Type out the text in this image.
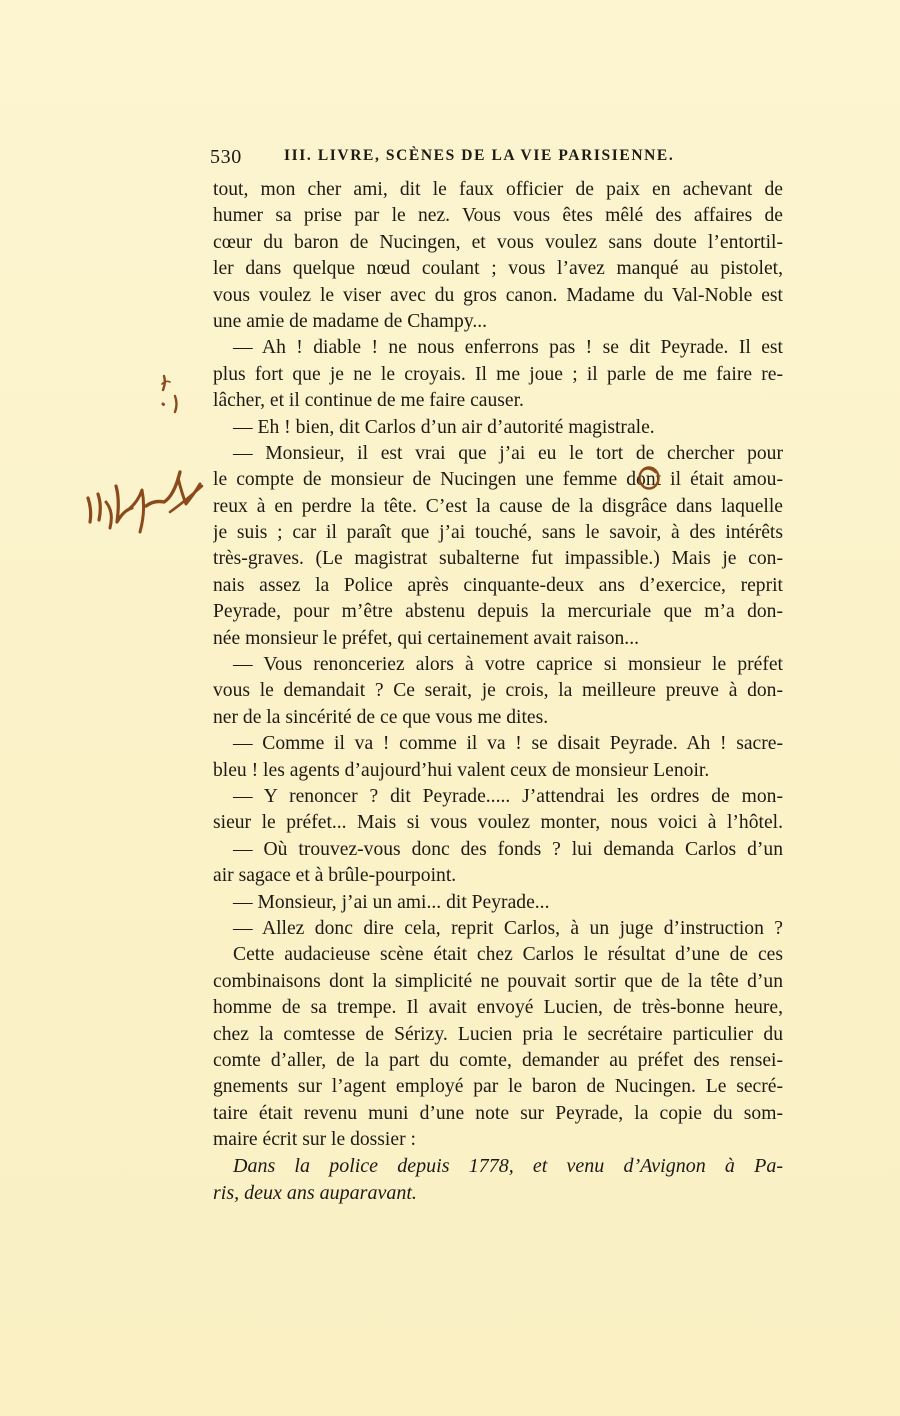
530	III. LIVRE, SCÈNES DE LA VIE PARISIENNE.
tout, mon cher ami, dit le faux officier de paix en achevant de
humer sa prise par le nez. Vous vous êtes mêlé des affaires de
cœur du baron de Nucingen, et vous voulez sans doute l’entortil-
ler dans quelque nœud coulant ; vous l’avez manqué au pistolet,
vous voulez le viser avec du gros canon. Madame du Val-Noble est
une amie de madame de Champy...
— Ah ! diable ! ne nous enferrons pas ! se dit Peyrade. Il est
plus fort que je ne le croyais. Il me joue ; il parle de me faire re-
lâcher, et il continue de me faire causer.
— Eh ! bien, dit Carlos d’un air d’autorité magistrale.
— Monsieur, il est vrai que j’ai eu le tort de chercher pour
le compte de monsieur de Nucingen une femme dont il était amou-
reux à en perdre la tête. C’est la cause de la disgrâce dans laquelle
je suis ; car il paraît que j’ai touché, sans le savoir, à des intérêts
très-graves. (Le magistrat subalterne fut impassible.) Mais je con-
nais assez la Police après cinquante-deux ans d’exercice, reprit
Peyrade, pour m’être abstenu depuis la mercuriale que m’a don-
née monsieur le préfet, qui certainement avait raison...
— Vous renonceriez alors à votre caprice si monsieur le préfet
vous le demandait ? Ce serait, je crois, la meilleure preuve à don-
ner de la sincérité de ce que vous me dites.
— Comme il va ! comme il va ! se disait Peyrade. Ah ! sacre-
bleu ! les agents d’aujourd’hui valent ceux de monsieur Lenoir.
— Y renoncer ? dit Peyrade..... J’attendrai les ordres de mon-
sieur le préfet... Mais si vous voulez monter, nous voici à l’hôtel.
— Où trouvez-vous donc des fonds ? lui demanda Carlos d’un
air sagace et à brûle-pourpoint.
— Monsieur, j’ai un ami... dit Peyrade...
— Allez donc dire cela, reprit Carlos, à un juge d’instruction ?
Cette audacieuse scène était chez Carlos le résultat d’une de ces
combinaisons dont la simplicité ne pouvait sortir que de la tête d’un
homme de sa trempe. Il avait envoyé Lucien, de très-bonne heure,
chez la comtesse de Sérizy. Lucien pria le secrétaire particulier du
comte d’aller, de la part du comte, demander au préfet des rensei-
gnements sur l’agent employé par le baron de Nucingen. Le secré-
taire était revenu muni d’une note sur Peyrade, la copie du som-
maire écrit sur le dossier :
Dans la police depuis 1778, et venu d’Avignon à Pa-
ris, deux ans auparavant.
